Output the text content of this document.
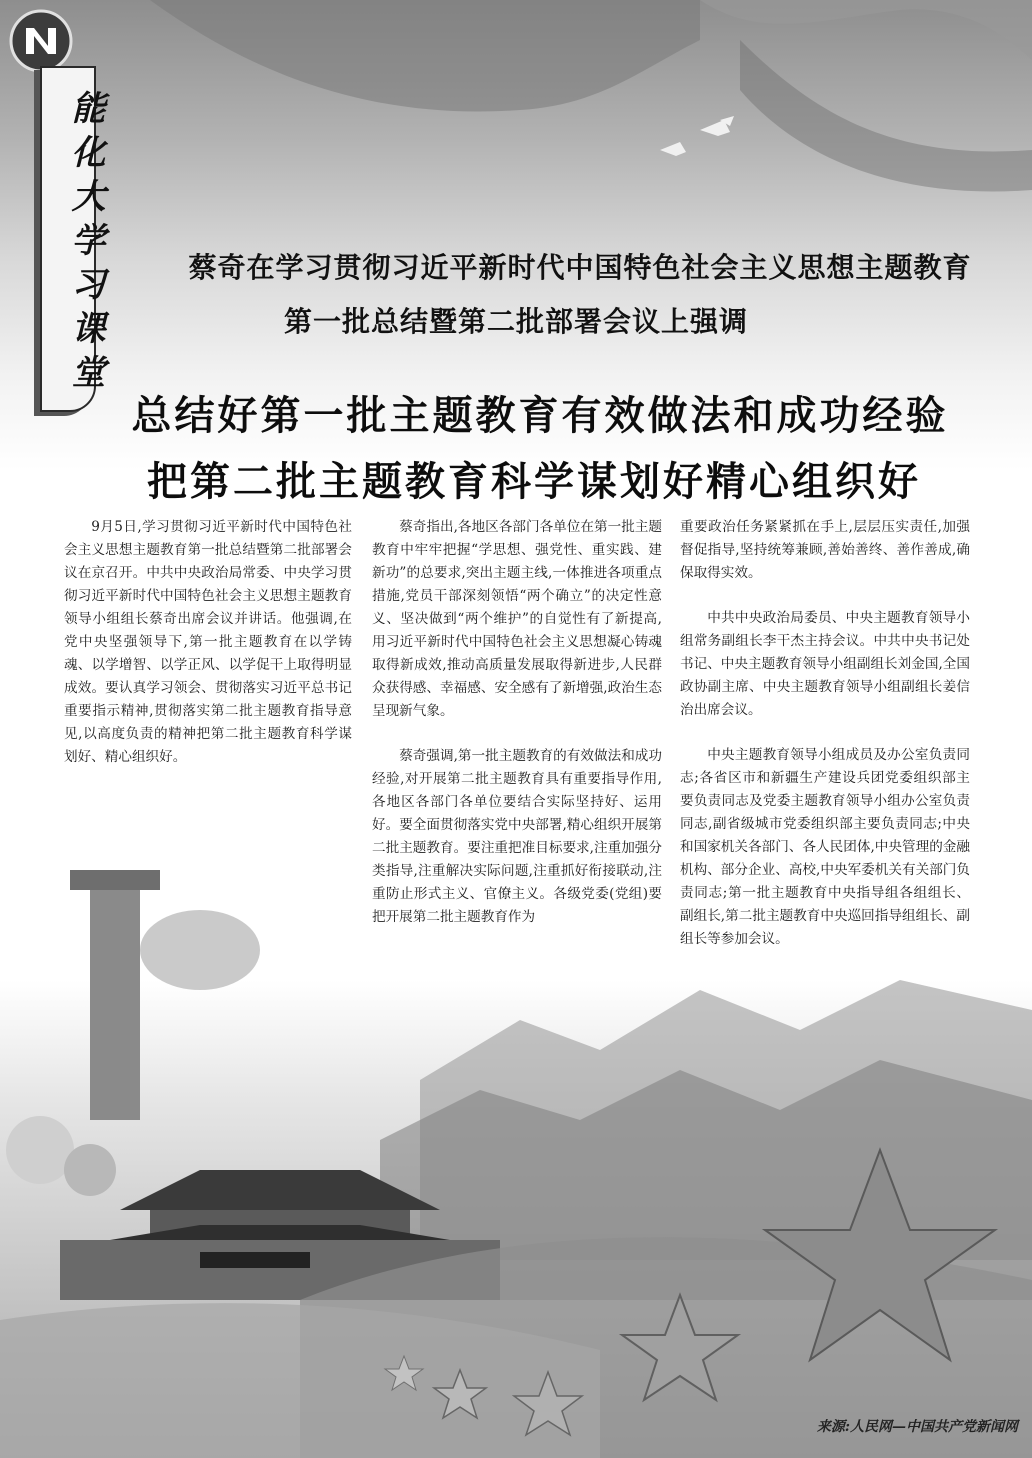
能化大学习课堂	蔡奇在学习贯彻习近平新时代中国特色社会主义思想主题教育
第一批总结暨第二批部署会议上强调
总结好第一批主题教育有效做法和成功经验
把第二批主题教育科学谋划好精心组织好

9月5日,学习贯彻习近平新时代中国特色社会主义思想主题教育第一批总结暨第二批部署会议在京召开。中共中央政治局常委、中央学习贯彻习近平新时代中国特色社会主义思想主题教育领导小组组长蔡奇出席会议并讲话。他强调,在党中央坚强领导下,第一批主题教育在以学铸魂、以学增智、以学正风、以学促干上取得明显成效。要认真学习领会、贯彻落实习近平总书记重要指示精神,贯彻落实第二批主题教育指导意见,以高度负责的精神把第二批主题教育科学谋划好、精心组织好。

蔡奇指出,各地区各部门各单位在第一批主题教育中牢牢把握“学思想、强党性、重实践、建新功”的总要求,突出主题主线,一体推进各项重点措施,党员干部深刻领悟“两个确立”的决定性意义、坚决做到“两个维护”的自觉性有了新提高,用习近平新时代中国特色社会主义思想凝心铸魂取得新成效,推动高质量发展取得新进步,人民群众获得感、幸福感、安全感有了新增强,政治生态呈现新气象。

蔡奇强调,第一批主题教育的有效做法和成功经验,对开展第二批主题教育具有重要指导作用,各地区各部门各单位要结合实际坚持好、运用好。要全面贯彻落实党中央部署,精心组织开展第二批主题教育。要注重把准目标要求,注重加强分类指导,注重解决实际问题,注重抓好衔接联动,注重防止形式主义、官僚主义。各级党委(党组)要把开展第二批主题教育作为

重要政治任务紧紧抓在手上,层层压实责任,加强督促指导,坚持统筹兼顾,善始善终、善作善成,确保取得实效。

中共中央政治局委员、中央主题教育领导小组常务副组长李干杰主持会议。中共中央书记处书记、中央主题教育领导小组副组长刘金国,全国政协副主席、中央主题教育领导小组副组长姜信治出席会议。

中央主题教育领导小组成员及办公室负责同志;各省区市和新疆生产建设兵团党委组织部主要负责同志及党委主题教育领导小组办公室负责同志,副省级城市党委组织部主要负责同志;中央和国家机关各部门、各人民团体,中央管理的金融机构、部分企业、高校,中央军委机关有关部门负责同志;第一批主题教育中央指导组各组组长、副组长,第二批主题教育中央巡回指导组组长、副组长等参加会议。

来源:人民网—中国共产党新闻网
